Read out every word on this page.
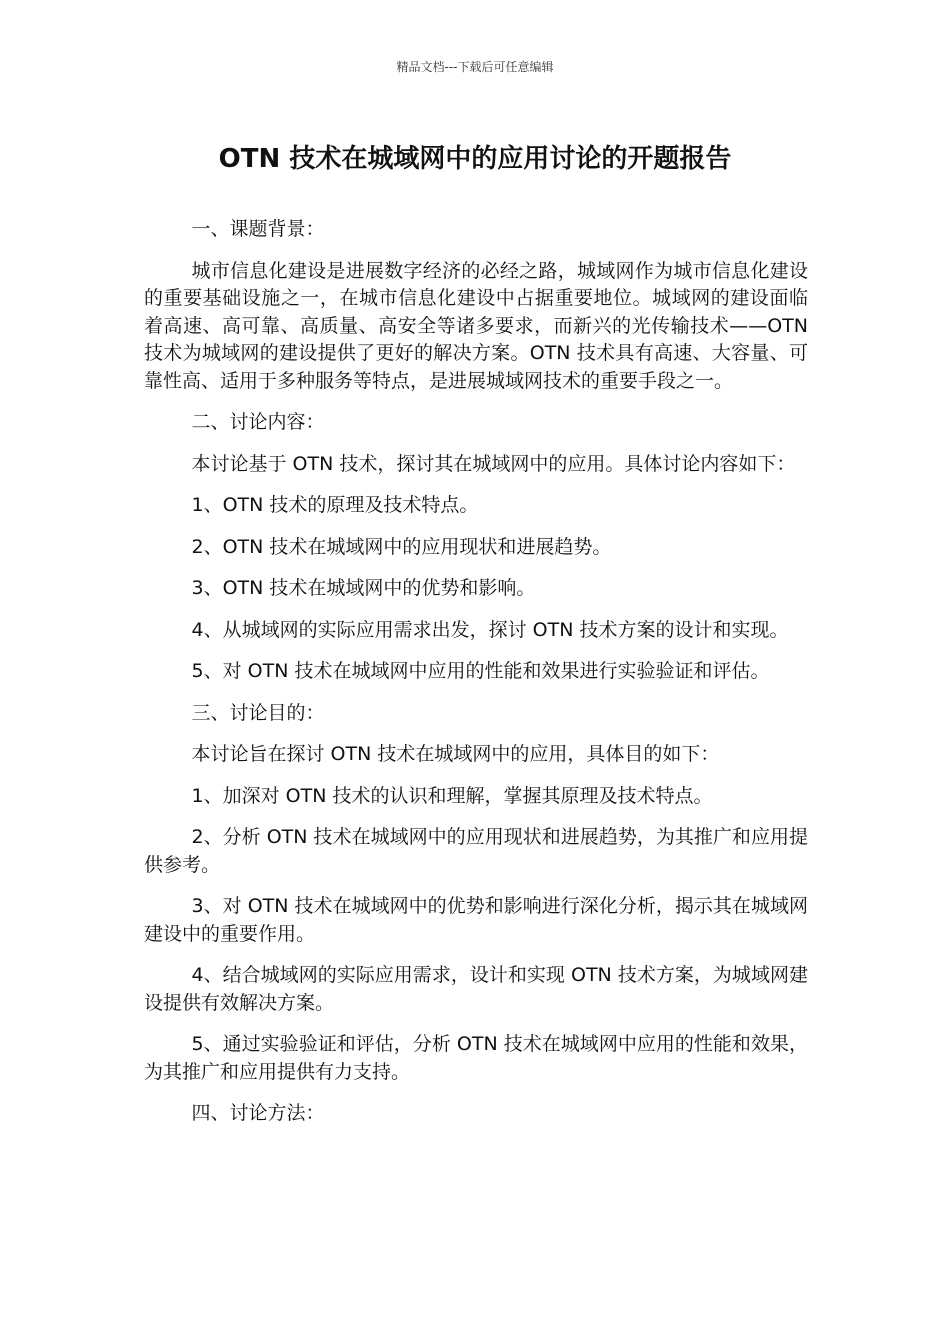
精品文档---下载后可任意编辑
OTN 技术在城域网中的应用讨论的开题报告

一、课题背景：

城市信息化建设是进展数字经济的必经之路，城域网作为城市信息化建设的重要基础设施之一，在城市信息化建设中占据重要地位。城域网的建设面临着高速、高可靠、高质量、高安全等诸多要求，而新兴的光传输技术——OTN 技术为城域网的建设提供了更好的解决方案。OTN 技术具有高速、大容量、可靠性高、适用于多种服务等特点，是进展城域网技术的重要手段之一。

二、讨论内容：

本讨论基于 OTN 技术，探讨其在城域网中的应用。具体讨论内容如下：

1、OTN 技术的原理及技术特点。

2、OTN 技术在城域网中的应用现状和进展趋势。

3、OTN 技术在城域网中的优势和影响。

4、从城域网的实际应用需求出发，探讨 OTN 技术方案的设计和实现。

5、对 OTN 技术在城域网中应用的性能和效果进行实验验证和评估。

三、讨论目的：

本讨论旨在探讨 OTN 技术在城域网中的应用，具体目的如下：

1、加深对 OTN 技术的认识和理解，掌握其原理及技术特点。

2、分析 OTN 技术在城域网中的应用现状和进展趋势，为其推广和应用提供参考。

3、对 OTN 技术在城域网中的优势和影响进行深化分析，揭示其在城域网建设中的重要作用。

4、结合城域网的实际应用需求，设计和实现 OTN 技术方案，为城域网建设提供有效解决方案。

5、通过实验验证和评估，分析 OTN 技术在城域网中应用的性能和效果，为其推广和应用提供有力支持。

四、讨论方法：
